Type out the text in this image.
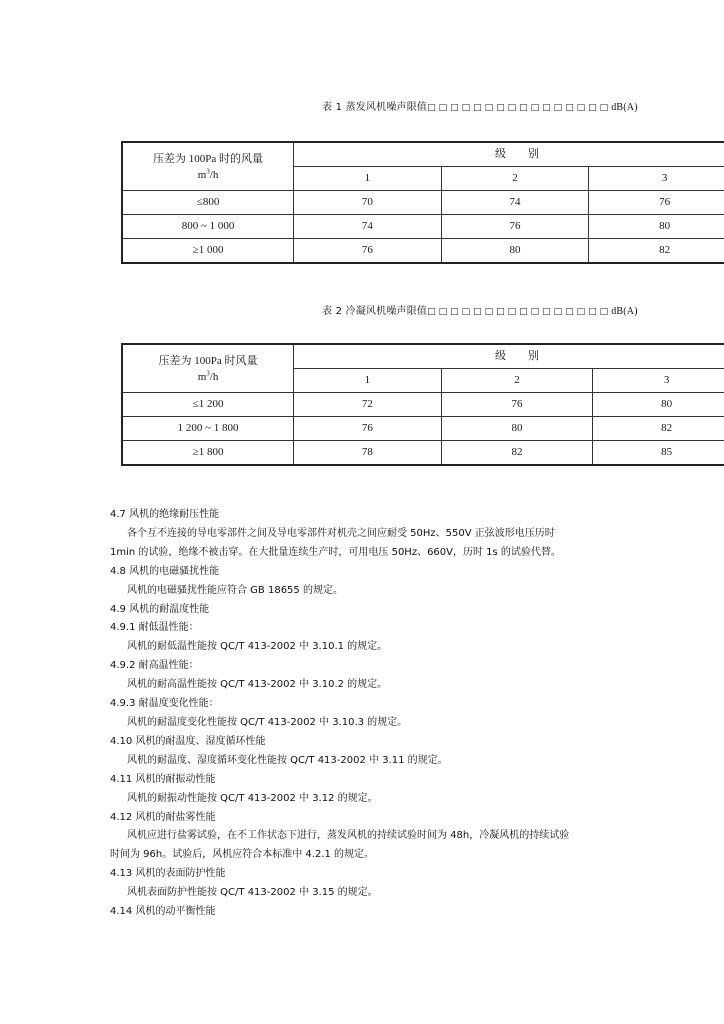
表 1 蒸发风机噪声限值□□□□□□□□□□□□□□□□dB(A)
压差为 100Pa 时的风量
$m^3/h$	级　　别		
	1	2	3
≤800	70	74	76
800 ~ 1 000	74	76	80
≥1 000	76	80	82
表 2 冷凝风机噪声限值□□□□□□□□□□□□□□□□dB(A)
压差为 100Pa 时风量
$m^3/h$	级　　别		
	1	2	3
≤1 200	72	76	80
1 200 ~ 1 800	76	80	82
≥1 800	78	82	85
4.7 风机的绝缘耐压性能
各个互不连接的导电零部件之间及导电零部件对机壳之间应耐受 50Hz、550V 正弦波形电压历时
1min 的试验，绝缘不被击穿。在大批量连续生产时，可用电压 50Hz、660V，历时 1s 的试验代替。
4.8 风机的电磁骚扰性能
风机的电磁骚扰性能应符合 GB 18655 的规定。
4.9 风机的耐温度性能
4.9.1 耐低温性能：
风机的耐低温性能按 QC/T 413-2002 中 3.10.1 的规定。
4.9.2 耐高温性能：
风机的耐高温性能按 QC/T 413-2002 中 3.10.2 的规定。
4.9.3 耐温度变化性能：
风机的耐温度变化性能按 QC/T 413-2002 中 3.10.3 的规定。
4.10 风机的耐温度、湿度循环性能
风机的耐温度、湿度循环变化性能按 QC/T 413-2002 中 3.11 的规定。
4.11 风机的耐振动性能
风机的耐振动性能按 QC/T 413-2002 中 3.12 的规定。
4.12 风机的耐盐雾性能
风机应进行盐雾试验，在不工作状态下进行，蒸发风机的持续试验时间为 48h，冷凝风机的持续试验
时间为 96h。试验后，风机应符合本标准中 4.2.1 的规定。
4.13 风机的表面防护性能
风机表面防护性能按 QC/T 413-2002 中 3.15 的规定。
4.14 风机的动平衡性能
